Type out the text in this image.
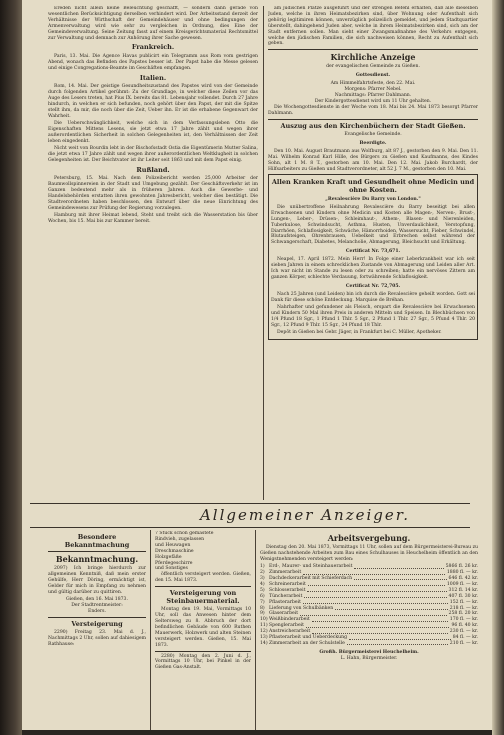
Ereden nicht allein keine Beleuchtung geschafft, — sondern dann gerade von wesentlichen Berücksichtigung derselben verhindert wird. Der Arbeitsstand derzeit der Verhältnisse der Wirthschaft der Gemeindehäuser und ohne bedingungen der Armenverwaltung wird wie sehr zu vergleichen in Ordnung, dies Eine der Gemeindeverwaltung. Seine Zeitung fasst auf einem Kreisgerichtsmaterial Rechtsmittel zur Verwaltung und demnach zur Anhörung ihrer Sache gewesen.

Frankreich.

Paris, 13. Mai. Die Agence Havas publicirt ein Telegramm aus Rom vom gestrigen Abend, wonach das Befinden des Papstes besser ist. Der Papst habe die Messe gelesen und einige Congregations-Beamte im Geschäften empfangen.

Italien.

Rom, 14. Mai. Der geistige Gesundheitszustand des Papstes wird von der Gemeinde durch folgenden Artikel gerühmt: Zu der Grundlage, in welcher diese Zeilen vor das Auge des Lesers treten, hat Pius IX. bereits das 81. Lebensjahr vollendet. Durch 27 Jahre hindurch, in welchen er sich befunden, noch gehört über den Papst, der mit die Spitze stellt ihm, da mir, die noch über die Zeit, Ueber ihn. Er ist die erhabene Gegenwart der Wahrheit.

Die Ueberschwänglichkeit, welche sich in dem Verfassungsleben Otto die Eigenschaften Mittens Lesens, sie jetzt etwa 17 Jahre zählt und wegen ihrer außerordentlichen Sicherheit in solchen Gelegenheiten ist, den Verhältnissen der Zeit leben eingedenkt.

Nicht weit von Bourdin lebt in der Bischofsstadt Ostia die Eigentümerin Mutter Salina, die jetzt etwa 17 Jahre zählt und wegen ihrer außerordentlichen Weltklugheit in solchen Gelegenheiten ist. Der Beichtvater ist ihr Leiter seit 1863 und mit dem Papst einig.

Rußland.

Petersburg, 15. Mai. Nach dem Polizeibericht werden 25,000 Arbeiter der Baumwollspinnereien in der Stadt und Umgebung gezählt. Der Geschäftsverkehr ist im Ganzen bedeutend mehr als in früheren Jahren. Auch die Gewerbe- und Handelsbehörden erstatten ihren gewohnten Jahresbericht, welcher dies bestätigt. Die Stadtverordneten haben beschlossen, den Entwurf über die neue Einrichtung des Gemeindewesens zur Prüfung der Regierung vorzulegen.

Hamburg mit ihrer Heimat lebend, Steht und treibt sich die Wasserstation bis über Wochen, bis 15. Mai bis zur Kammer bereit.

am jüdischen Plätze ausgeführt und der strengen Befehl erhalten, daß alle dieselben Juden, welche in ihren Heimatsbezirken sind, über Wohnung oder Aufenthalt sich gehörig legitimiren können, unverzüglich polizeilich gemeldet, und jedem Stadtquartier überstellt, dahingehend Juden aber, welche in ihrem Heimatsbezirken sind, sich am der Stadt entfernen sollen. Man sieht einer Zwangsmaßnahme des Verkehrs entgegen, welche den jüdischen Familien, die sich nachweisen können, Recht zu Aufenthalt sich geben.

Kirchliche Anzeige
der evangelischen Gemeinde zu Gießen.
Gottesdienst.
Am Himmelfahrtsfeste, den 22. Mai.
Morgens: Pfarrer Nebel.
Nachmittags: Pfarrer Dahlmann.
Der Kindergottesdienst wird um 11 Uhr gehalten.

Die Wochengottesdienste in der Woche vom 18. Mai bis 24. Mai 1873 besorgt Pfarrer Dahlmann.

Auszug aus den Kirchenbüchern der Stadt Gießen.
Evangelische Gemeinde.
Beerdigte.

Den 10. Mai. August Brautmann aus Wolfburg, alt 87 J., gestorben den 9. Mai. Den 11. Mai. Wilhelm Konrad Karl Hille, des Bürgers zu Gießen und Kaufmanns, des Kindes Sohn, alt 1 M. 8 T., gestorben am 10. Mai. Den 12. Mai. Jakob Burchardt, der Hilfsarbeiters zu Gießen und Stadtverordneter, alt 52 J. 7 M., gestorben den 10. Mai.

Allen Kranken Kraft und Gesundheit ohne Medicin und ohne Kosten.
„Revalescière Du Barry von London."

Die unübertroffene Heilnahrung Revalescière du Barry beseitigt bei allen Erwachsenen und Kindern ohne Medicin und Kosten alle Magen-, Nerven-, Brust-, Lungen-, Leber-, Drüsen-, Schleimhaut-, Athem-, Blasen- und Nierenleiden, Tuberkulose, Schwindsucht, Asthma, Husten, Unverdaulichkeit, Verstopfung, Diarrhöen, Schlaflosigkeit, Schwäche, Hämorrhoiden, Wassersucht, Fieber, Schwindel, Blutaufsteigen, Ohrenbrausen, Uebelkeit und Erbrechen selbst während der Schwangerschaft, Diabetes, Melancholie, Abmagerung, Bleichsucht und Erkältung.

Certificat Nr. 73,671.

Neapel, 17. April 1872. Mein Herr! In Folge einer Leberkrankheit war ich seit sieben Jahren in einem schrecklichen Zustande von Abmagerung und Leiden aller Art. Ich war nicht im Stande zu lesen oder zu schreiben; hatte ein nervöses Zittern am ganzen Körper, schlechte Verdauung, fortwährende Schlaflosigkeit.

Certificat Nr. 72,705.

Nach 25 Jahren (und Leiden) bin ich durch die Revalescière geheilt worden. Gott sei Dank für diese schöne Entdeckung. Marquise de Bréhan.

Nahrhafter und gefundener als Fleisch, erspart die Revalescière bei Erwachsenen und Kindern 50 Mal ihren Preis in anderen Mitteln und Speisen. In Blechbüchsen von 1/4 Pfund 18 Sgr., 1 Pfund 1 Thlr. 5 Sgr., 2 Pfund 1 Thlr. 27 Sgr., 5 Pfund 4 Thlr. 20 Sgr., 12 Pfund 9 Thlr. 15 Sgr., 24 Pfund 18 Thlr.

Depôt in Gießen bei Gebr. Jäger, in Frankfurt bei C. Müller, Apotheker.

Allgemeiner Anzeiger.
Besondere Bekanntmachung
Bekanntmachung.

2097) Ich bringe hierdurch zur allgemeinen Kenntniß, daß mein erster Gehülfe, Herr Döring, ermächtigt ist, Gelder für mich in Empfang zu nehmen und gültig darüber zu quittiren.

Gießen, den 16. Mai 1873.
Der Stadtrentmeister:
Enders.
Versteigerung

2290) Freitag 23. Mai d. J., Nachmittags 2 Uhr, sollen auf dahiesigem Rathhause:

7 Stück schön gemästete
Rindvieh, zugelassen
und Heuwagen
Dreschmaschine
Holzgefäße
Pferdegeschirre
und Sonstiges

öffentlich versteigert werden. Gießen, den 15. Mai 1873.

Versteigerung von Steinbauermaterial.

Montag den 19. Mai, Vormittags 10 Uhr, soll das Anwesen hinter dem Seltersweg zu 8. Abbruch der dort befindlichen Gebäude von 600 Ruthen Mauerwerk, Holzwerk und alten Steinen versteigert werden. Gießen, 15. Mai 1873.

2280) Montag den 2. Juni d. J., Vormittags 10 Uhr, bei Pinkel in der Gießen Gas-Anstalt.

Arbeitsvergebung.

Dienstag den 20. Mai 1873, Vormittags 11 Uhr, sollen auf dem Bürgermeisterei-Bureau zu Gießen nachstehende Arbeiten zum Bau eines Schulhauses in Heuchelheim öffentlich an den Wenigstnehmenden versteigert werden:

1) Erd-, Maurer- und Steinhauerarbeit	5866 fl. 26 kr.
2) Zimmerarbeit	1880 fl. — kr.
3) Dachdeckerarbeit mit Schieferdach	646 fl. 42 kr.
4) Schreinerarbeit	1009 fl. — kr.
5) Schlosserarbeit	312 fl. 14 kr.
6) Tüncherarbeit	407 fl. 30 kr.
7) Pflasterarbeit	152 fl. — kr.
8) Lieferung von Schulbänken	218 fl. — kr.
9) Glaserarbeit	258 fl. 20 kr.
10) Weißbinderarbeit	170 fl. — kr.
11) Spenglerarbeit	96 fl. 40 kr.
12) Anstreicherarbeit	230 fl. — kr.
13) Pflasterarbeit und Ueberdeckung	84 fl. — kr.
14) Zimmerarbeit an der Schulstelle	210 fl. — kr.
Großh. Bürgermeisterei Heuchelheim.
L. Hahn, Bürgermeister.
